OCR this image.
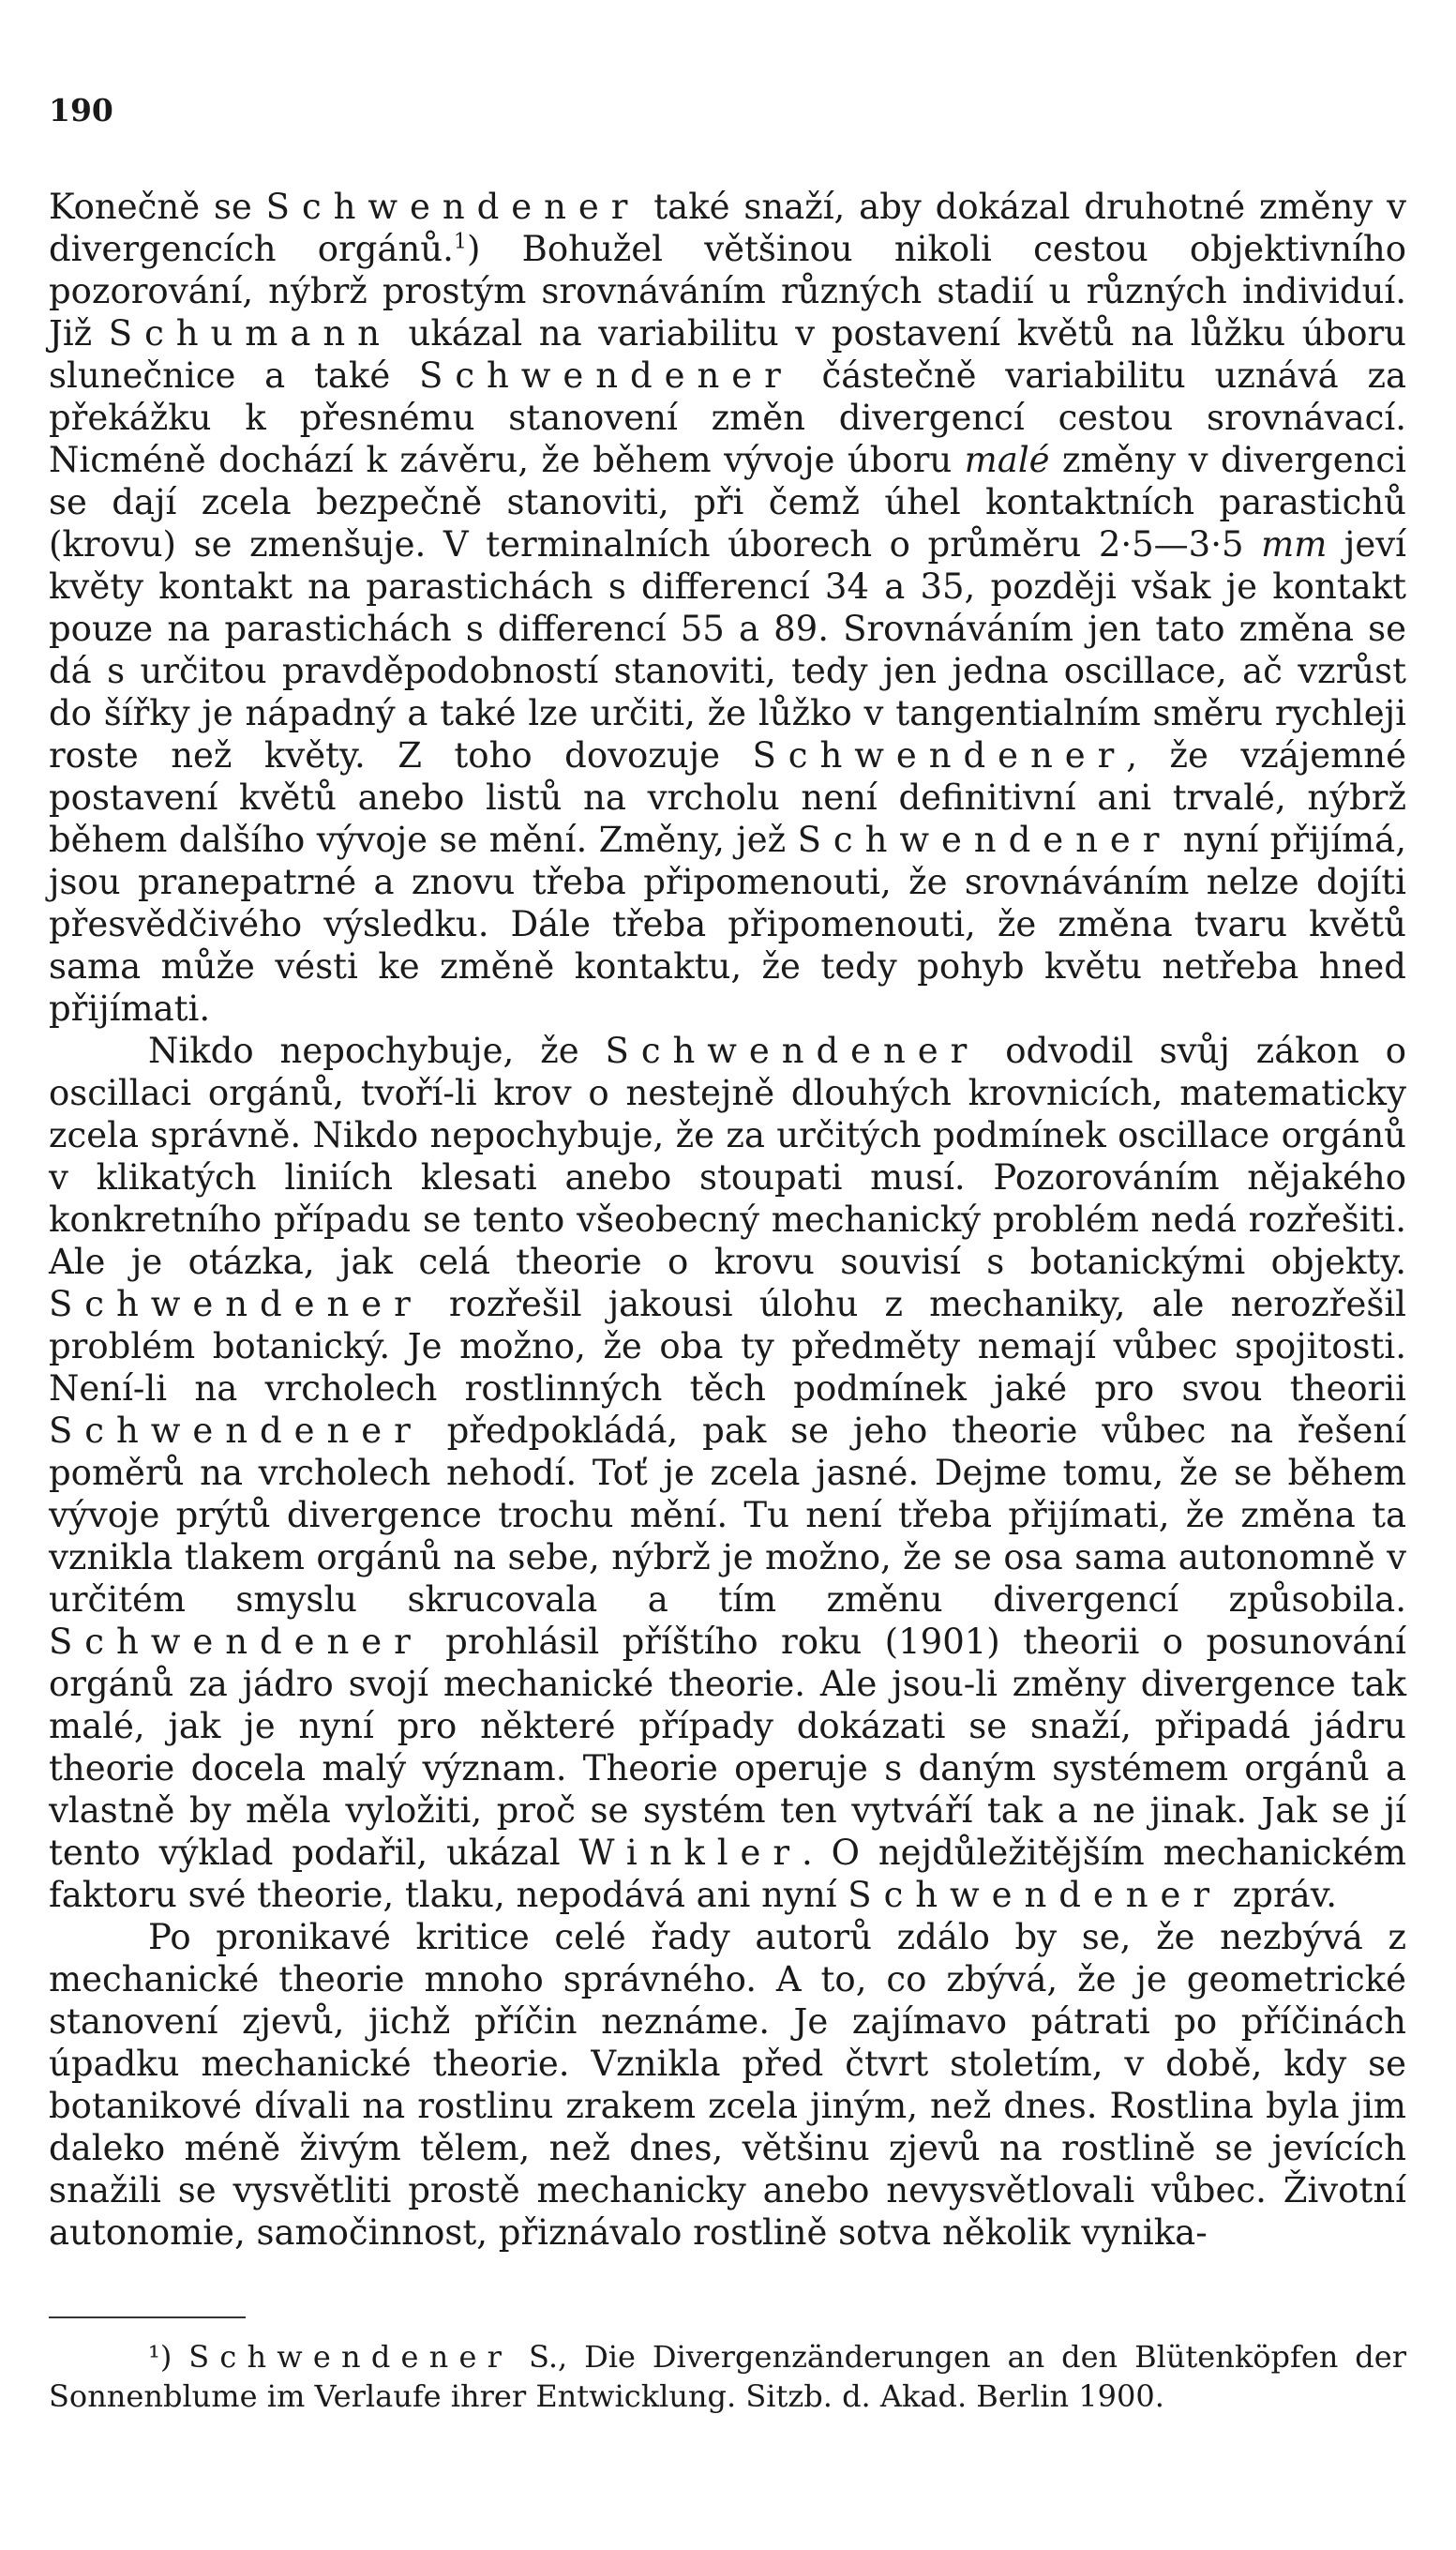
190

Konečně se Schwendener také snaží, aby dokázal druhotné změny v divergencích orgánů.$^1$) Bohužel většinou nikoli cestou objektivního pozorování, nýbrž prostým srovnáváním různých stadií u různých individuí. Již Schumann ukázal na variabilitu v postavení květů na lůžku úboru slunečnice a také Schwendener částečně variabilitu uznává za překážku k přesnému stanovení změn divergencí cestou srovnávací. Nicméně dochází k závěru, že během vývoje úboru malé změny v divergenci se dají zcela bezpečně stanoviti, při čemž úhel kontaktních parastichů (krovu) se zmenšuje. V terminalních úborech o průměru 2·5—3·5 mm jeví květy kontakt na parastichách s differencí 34 a 35, později však je kontakt pouze na parastichách s differencí 55 a 89. Srovnáváním jen tato změna se dá s určitou pravděpodobností stanoviti, tedy jen jedna oscillace, ač vzrůst do šířky je nápadný a také lze určiti, že lůžko v tangentialním směru rychleji roste než květy. Z toho dovozuje Schwendener, že vzájemné postavení květů anebo listů na vrcholu není definitivní ani trvalé, nýbrž během dalšího vývoje se mění. Změny, jež Schwendener nyní přijímá, jsou pranepatrné a znovu třeba připomenouti, že srovnáváním nelze dojíti přesvědčivého výsledku. Dále třeba připomenouti, že změna tvaru květů sama může vésti ke změně kontaktu, že tedy pohyb květu netřeba hned přijímati.

Nikdo nepochybuje, že Schwendener odvodil svůj zákon o oscillaci orgánů, tvoří-li krov o nestejně dlouhých krovnicích, matematicky zcela správně. Nikdo nepochybuje, že za určitých podmínek oscillace orgánů v klikatých liniích klesati anebo stoupati musí. Pozorováním nějakého konkretního případu se tento všeobecný mechanický problém nedá rozřešiti. Ale je otázka, jak celá theorie o krovu souvisí s botanickými objekty. Schwendener rozřešil jakousi úlohu z mechaniky, ale nerozřešil problém botanický. Je možno, že oba ty předměty nemají vůbec spojitosti. Není-li na vrcholech rostlinných těch podmínek jaké pro svou theorii Schwendener předpokládá, pak se jeho theorie vůbec na řešení poměrů na vrcholech nehodí. Toť je zcela jasné. Dejme tomu, že se během vývoje prýtů divergence trochu mění. Tu není třeba přijímati, že změna ta vznikla tlakem orgánů na sebe, nýbrž je možno, že se osa sama autonomně v určitém smyslu skrucovala a tím změnu divergencí způsobila. Schwendener prohlásil příštího roku (1901) theorii o posunování orgánů za jádro svojí mechanické theorie. Ale jsou-li změny divergence tak malé, jak je nyní pro některé případy dokázati se snaží, připadá jádru theorie docela malý význam. Theorie operuje s daným systémem orgánů a vlastně by měla vyložiti, proč se systém ten vytváří tak a ne jinak. Jak se jí tento výklad podařil, ukázal Winkler. O nejdůležitějším mechanickém faktoru své theorie, tlaku, nepodává ani nyní Schwendener zpráv.

Po pronikavé kritice celé řady autorů zdálo by se, že nezbývá z mechanické theorie mnoho správného. A to, co zbývá, že je geometrické stanovení zjevů, jichž příčin neznáme. Je zajímavo pátrati po příčinách úpadku mechanické theorie. Vznikla před čtvrt stoletím, v době, kdy se botanikové dívali na rostlinu zrakem zcela jiným, než dnes. Rostlina byla jim daleko méně živým tělem, než dnes, většinu zjevů na rostlině se jevících snažili se vysvětliti prostě mechanicky anebo nevysvětlovali vůbec. Životní autonomie, samočinnost, přiznávalo rostlině sotva několik vynika-

¹) Schwendener S., Die Divergenzänderungen an den Blütenköpfen der Sonnenblume im Verlaufe ihrer Entwicklung. Sitzb. d. Akad. Berlin 1900.
